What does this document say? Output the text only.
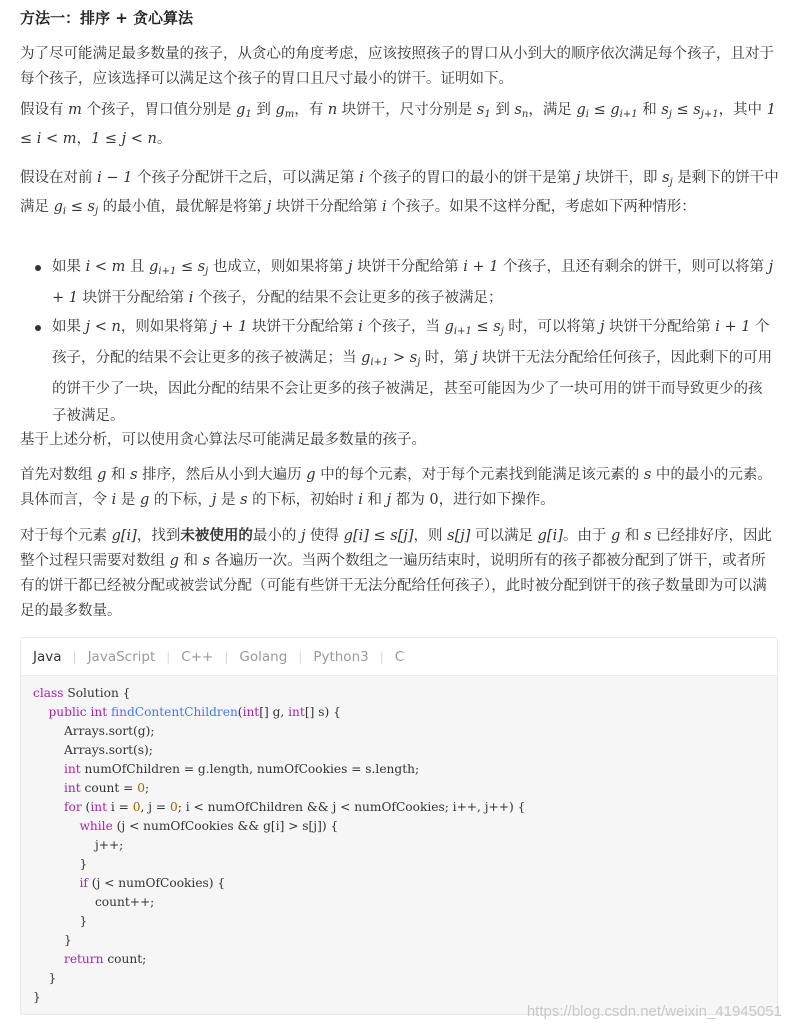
方法一：排序 + 贪心算法

为了尽可能满足最多数量的孩子，从贪心的角度考虑，应该按照孩子的胃口从小到大的顺序依次满足每个孩子，且对于每个孩子，应该选择可以满足这个孩子的胃口且尺寸最小的饼干。证明如下。

假设有 m 个孩子，胃口值分别是 $g_1$ 到 $g_m$，有 n 块饼干，尺寸分别是 $s_1$ 到 $s_n$，满足 $g_i \le g_{i+1}$ 和 $s_j \le s_{j+1}$，其中 1 ≤ i < m，1 ≤ j < n。

假设在对前 i − 1 个孩子分配饼干之后，可以满足第 i 个孩子的胃口的最小的饼干是第 j 块饼干，即 $s_j$ 是剩下的饼干中满足 $g_i \le s_j$ 的最小值，最优解是将第 j 块饼干分配给第 i 个孩子。如果不这样分配，考虑如下两种情形：

如果 i < m 且 $g_{i+1} \le s_j$ 也成立，则如果将第 j 块饼干分配给第 i + 1 个孩子，且还有剩余的饼干，则可以将第 j + 1 块饼干分配给第 i 个孩子，分配的结果不会让更多的孩子被满足；
如果 j < n，则如果将第 j + 1 块饼干分配给第 i 个孩子，当 $g_{i+1} \le s_j$ 时，可以将第 j 块饼干分配给第 i + 1 个孩子，分配的结果不会让更多的孩子被满足；当 $g_{i+1} > s_j$ 时，第 j 块饼干无法分配给任何孩子，因此剩下的可用的饼干少了一块，因此分配的结果不会让更多的孩子被满足，甚至可能因为少了一块可用的饼干而导致更少的孩子被满足。

基于上述分析，可以使用贪心算法尽可能满足最多数量的孩子。

首先对数组 g 和 s 排序，然后从小到大遍历 g 中的每个元素，对于每个元素找到能满足该元素的 s 中的最小的元素。具体而言，令 i 是 g 的下标，j 是 s 的下标，初始时 i 和 j 都为 0，进行如下操作。

对于每个元素 g[i]，找到未被使用的最小的 j 使得 g[i] ≤ s[j]，则 s[j] 可以满足 g[i]。由于 g 和 s 已经排好序，因此整个过程只需要对数组 g 和 s 各遍历一次。当两个数组之一遍历结束时，说明所有的孩子都被分配到了饼干，或者所有的饼干都已经被分配或被尝试分配（可能有些饼干无法分配给任何孩子），此时被分配到饼干的孩子数量即为可以满足的最多数量。

Java | JavaScript | C++ | Golang | Python3 | C
class Solution {
public int findContentChildren(int[] g, int[] s) {
Arrays.sort(g);
Arrays.sort(s);
int numOfChildren = g.length, numOfCookies = s.length;
int count = 0;
for (int i = 0, j = 0; i < numOfChildren && j < numOfCookies; i++, j++) {
while (j < numOfCookies && g[i] > s[j]) {
j++;
}
if (j < numOfCookies) {
count++;
}
}
return count;
}
}
https://blog.csdn.net/weixin_41945051
